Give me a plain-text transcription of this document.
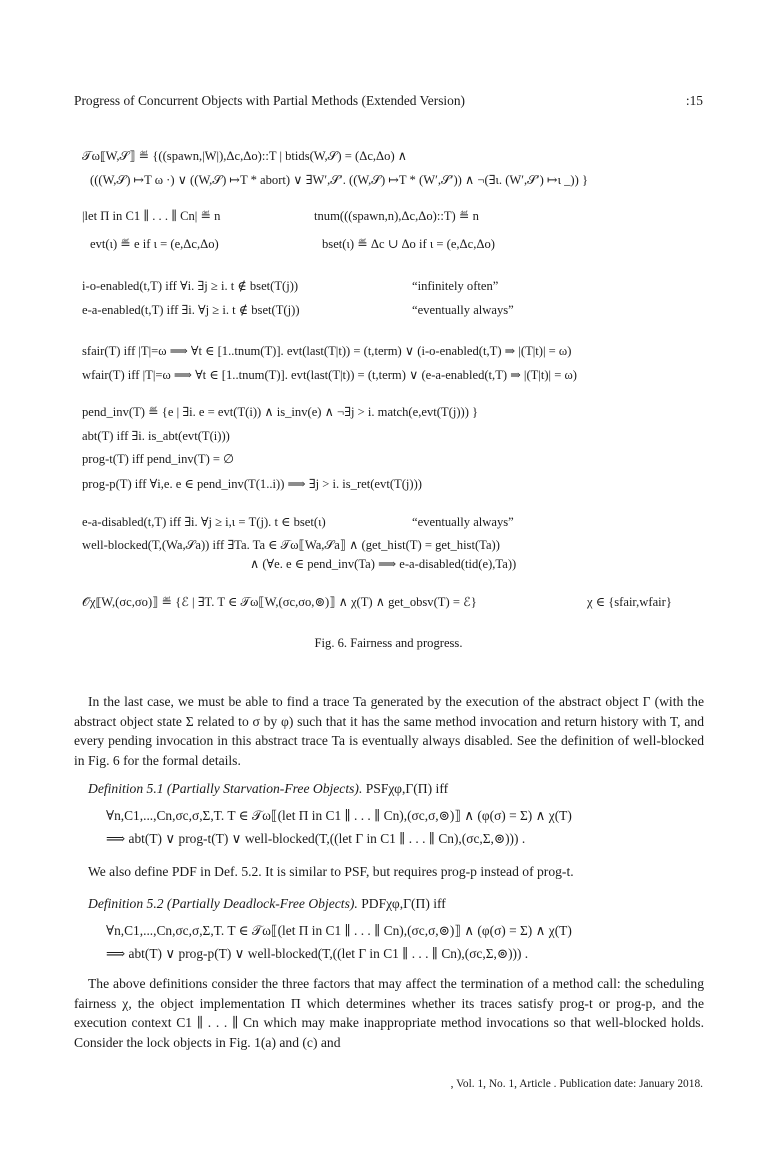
Progress of Concurrent Objects with Partial Methods (Extended Version)	:15
𝒯ω⟦W,𝒮⟧ ≝ {((spawn,|W|),Δc,Δo)::T | btids(W,𝒮) = (Δc,Δo) ∧
(((W,𝒮) ↦T ω ·) ∨ ((W,𝒮) ↦T * abort) ∨ ∃W′,𝒮′. ((W,𝒮) ↦T * (W′,𝒮′)) ∧ ¬(∃ι. (W′,𝒮′) ↦ι _)) }
|let Π in C1 ∥ . . . ∥ Cn| ≝ n	tnum(((spawn,n),Δc,Δo)::T) ≝ n
evt(ι) ≝ e if ι = (e,Δc,Δo)	bset(ι) ≝ Δc ∪ Δo if ι = (e,Δc,Δo)
i-o-enabled(t,T) iff ∀i. ∃j ≥ i. t ∉ bset(T(j))	“infinitely often”
e-a-enabled(t,T) iff ∃i. ∀j ≥ i. t ∉ bset(T(j))	“eventually always”
sfair(T) iff |T|=ω ⟹ ∀t ∈ [1..tnum(T)]. evt(last(T|t)) = (t,term) ∨ (i-o-enabled(t,T) ⇒ |(T|t)| = ω)
wfair(T) iff |T|=ω ⟹ ∀t ∈ [1..tnum(T)]. evt(last(T|t)) = (t,term) ∨ (e-a-enabled(t,T) ⇒ |(T|t)| = ω)
pend_inv(T) ≝ {e | ∃i. e = evt(T(i)) ∧ is_inv(e) ∧ ¬∃j > i. match(e,evt(T(j))) }
abt(T) iff ∃i. is_abt(evt(T(i)))
prog-t(T) iff pend_inv(T) = ∅
prog-p(T) iff ∀i,e. e ∈ pend_inv(T(1..i)) ⟹ ∃j > i. is_ret(evt(T(j)))
e-a-disabled(t,T) iff ∃i. ∀j ≥ i,ι = T(j). t ∈ bset(ι)	“eventually always”
well-blocked(T,(Wa,𝒮a)) iff ∃Ta. Ta ∈ 𝒯ω⟦Wa,𝒮a⟧ ∧ (get_hist(T) = get_hist(Ta))
∧ (∀e. e ∈ pend_inv(Ta) ⟹ e-a-disabled(tid(e),Ta))
𝒪χ⟦W,(σc,σo)⟧ ≝ {ℰ | ∃T. T ∈ 𝒯ω⟦W,(σc,σo,⊚)⟧ ∧ χ(T) ∧ get_obsv(T) = ℰ}	χ ∈ {sfair,wfair}
Fig. 6. Fairness and progress.

In the last case, we must be able to find a trace Ta generated by the execution of the abstract object Γ (with the abstract object state Σ related to σ by φ) such that it has the same method invocation and return history with T, and every pending invocation in this abstract trace Ta is eventually always disabled. See the definition of well-blocked in Fig. 6 for the formal details.

Definition 5.1 (Partially Starvation-Free Objects). PSFχφ,Γ(Π) iff
∀n,C1,...,Cn,σc,σ,Σ,T. T ∈ 𝒯ω⟦(let Π in C1 ∥ . . . ∥ Cn),(σc,σ,⊚)⟧ ∧ (φ(σ) = Σ) ∧ χ(T)
⟹ abt(T) ∨ prog-t(T) ∨ well-blocked(T,((let Γ in C1 ∥ . . . ∥ Cn),(σc,Σ,⊚))) .

We also define PDF in Def. 5.2. It is similar to PSF, but requires prog-p instead of prog-t.

Definition 5.2 (Partially Deadlock-Free Objects). PDFχφ,Γ(Π) iff
∀n,C1,...,Cn,σc,σ,Σ,T. T ∈ 𝒯ω⟦(let Π in C1 ∥ . . . ∥ Cn),(σc,σ,⊚)⟧ ∧ (φ(σ) = Σ) ∧ χ(T)
⟹ abt(T) ∨ prog-p(T) ∨ well-blocked(T,((let Γ in C1 ∥ . . . ∥ Cn),(σc,Σ,⊚))) .

The above definitions consider the three factors that may affect the termination of a method call: the scheduling fairness χ, the object implementation Π which determines whether its traces satisfy prog-t or prog-p, and the execution context C1 ∥ . . . ∥ Cn which may make inappropriate method invocations so that well-blocked holds. Consider the lock objects in Fig. 1(a) and (c) and

, Vol. 1, No. 1, Article . Publication date: January 2018.
